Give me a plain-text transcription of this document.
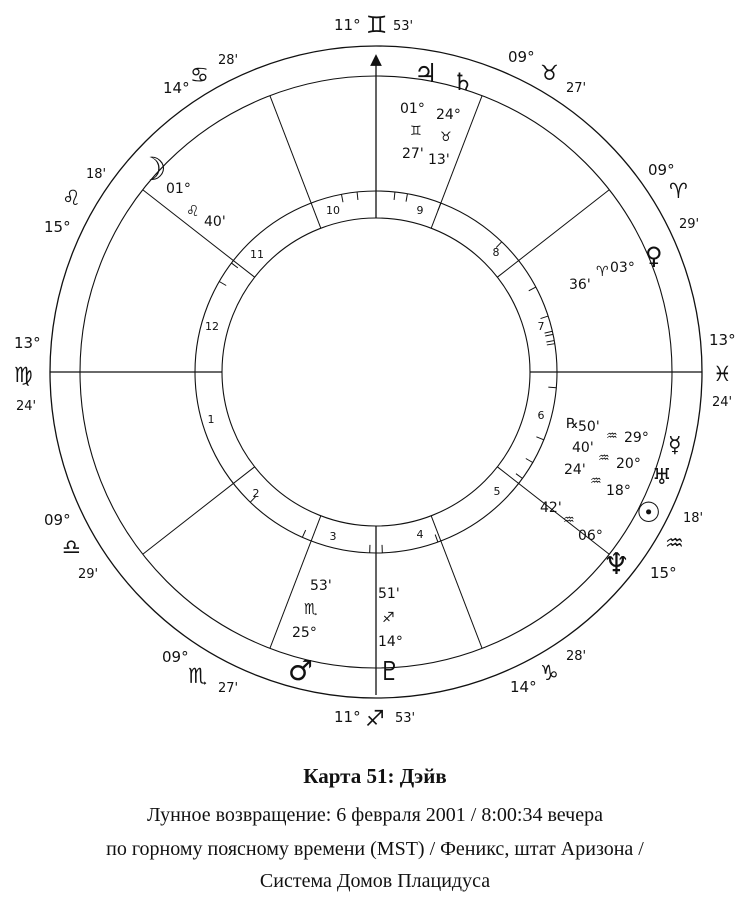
1
2
3	4
5
6
7
8
9
10
11
12
11° ♊ 53'
09°
♉
27'
09°
♈
29'
13°
♓
24'
18'
♒
15°
28'
♑
14°
11° ♐ 53'
09°
♏
27'
09°
♎
29'
13°
♍
24'
18'
♌
15°
14°
♋
28'	♃
01°
♊
27'
♄
24°
♉
13'
☽
01°
♌
40'
36'
♈ 03° ♀
℞ 50'
♒ 29° ☿
40'
♒ 20°
♅
24'
♒
18°
☉
42'
♒
06°
♆
51'
♐
14°
♇
53'
♏
25°
♂
Карта 51: Дэйв
Лунное возвращение: 6 февраля 2001 / 8:00:34 вечера
по горному поясному времени (MST) / Феникс, штат Аризона /
Система Домов Плацидуса
